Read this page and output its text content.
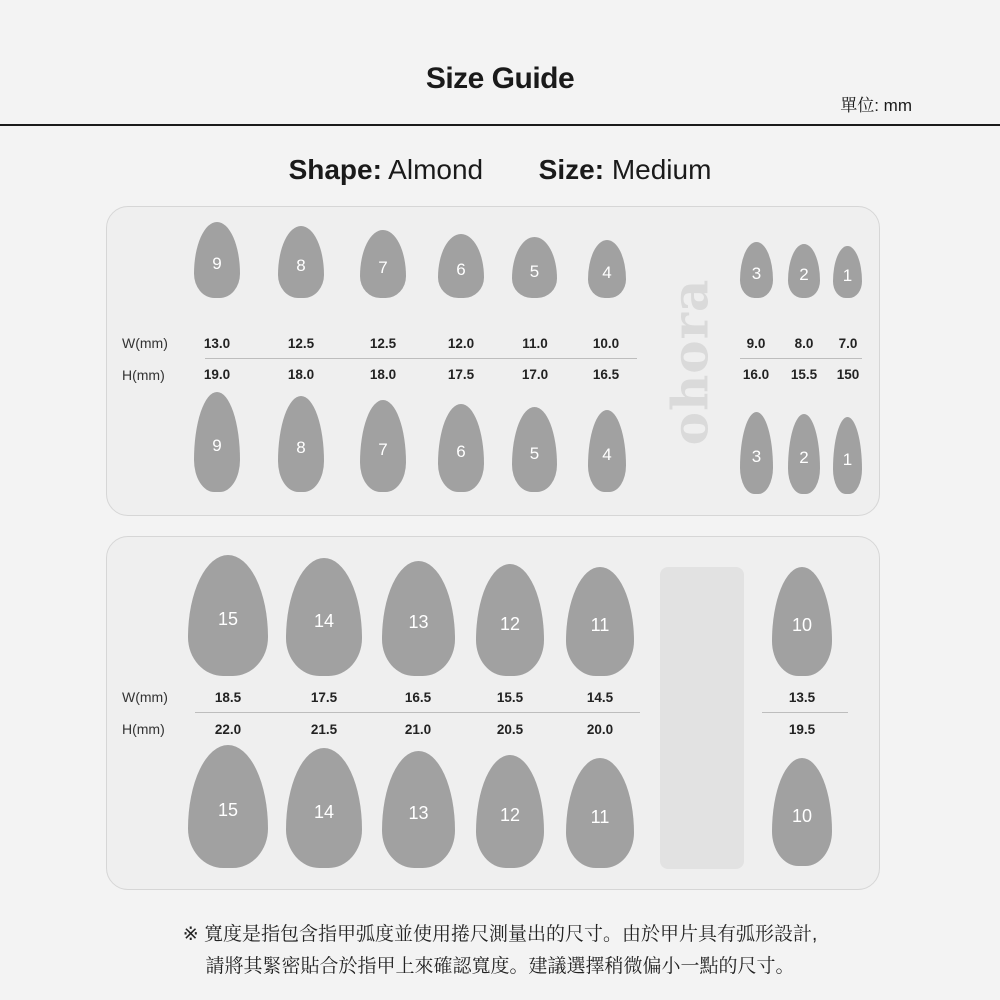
Size Guide
單位: mm
Shape: Almond Size: Medium
ohora
W(mm)
H(mm)
9	8	7	6	5	4	3	2	1
13.0	12.5	12.5	12.0	11.0	10.0	9.0 8.0 7.0
19.0	18.0	18.0	17.5	17.0	16.5	16.0 15.5 150
9	8	7	6	5	4	3	2	1
W(mm)
H(mm)
15	14	13	12	11	10
18.5	17.5	16.5	15.5	14.5	13.5
22.0	21.5	21.0	20.5	20.0	19.5
15	14	13	12	11	10
※ 寬度是指包含指甲弧度並使用捲尺測量出的尺寸。由於甲片具有弧形設計,
請將其緊密貼合於指甲上來確認寬度。建議選擇稍微偏小一點的尺寸。
